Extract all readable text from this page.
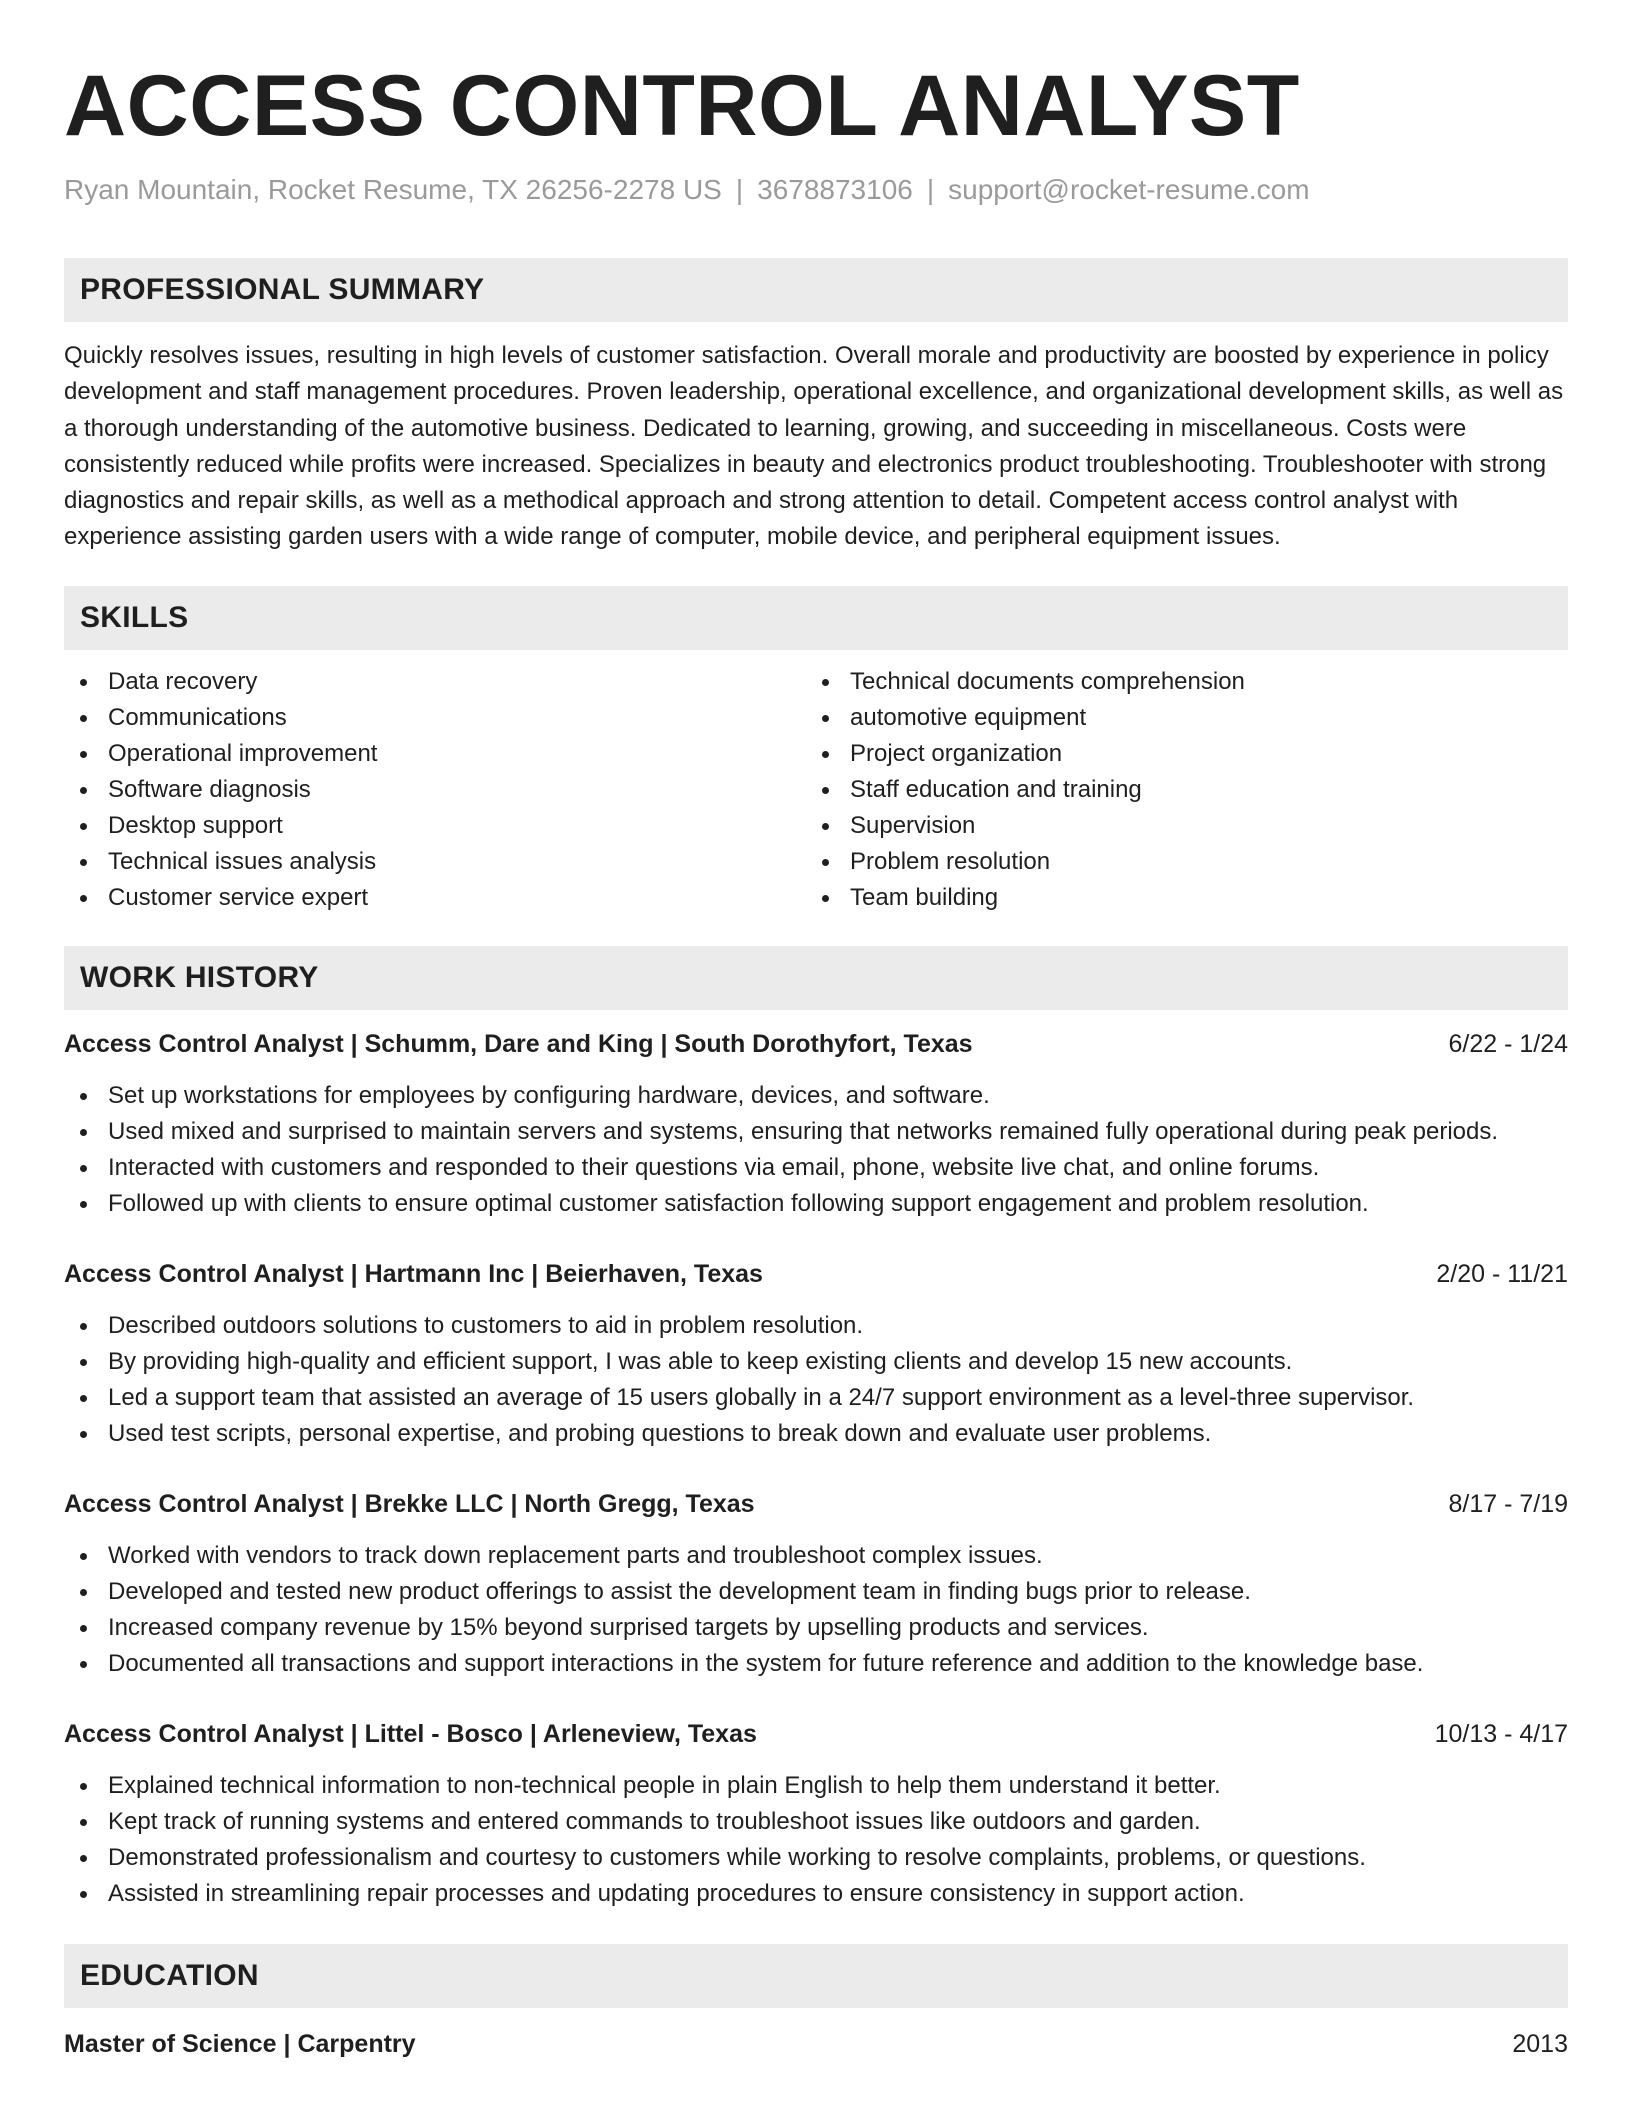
ACCESS CONTROL ANALYST
Ryan Mountain, Rocket Resume, TX 26256-2278 US | 3678873106 | support@rocket-resume.com
PROFESSIONAL SUMMARY

Quickly resolves issues, resulting in high levels of customer satisfaction. Overall morale and productivity are boosted by experience in policy development and staff management procedures. Proven leadership, operational excellence, and organizational development skills, as well as a thorough understanding of the automotive business. Dedicated to learning, growing, and succeeding in miscellaneous. Costs were consistently reduced while profits were increased. Specializes in beauty and electronics product troubleshooting. Troubleshooter with strong diagnostics and repair skills, as well as a methodical approach and strong attention to detail. Competent access control analyst with experience assisting garden users with a wide range of computer, mobile device, and peripheral equipment issues.

SKILLS
Data recovery
Communications
Operational improvement
Software diagnosis
Desktop support
Technical issues analysis
Customer service expert
Technical documents comprehension
automotive equipment
Project organization
Staff education and training
Supervision
Problem resolution
Team building
WORK HISTORY
Access Control Analyst | Schumm, Dare and King | South Dorothyfort, Texas	6/22 - 1/24
Set up workstations for employees by configuring hardware, devices, and software.
Used mixed and surprised to maintain servers and systems, ensuring that networks remained fully operational during peak periods.
Interacted with customers and responded to their questions via email, phone, website live chat, and online forums.
Followed up with clients to ensure optimal customer satisfaction following support engagement and problem resolution.
Access Control Analyst | Hartmann Inc | Beierhaven, Texas	2/20 - 11/21
Described outdoors solutions to customers to aid in problem resolution.
By providing high-quality and efficient support, I was able to keep existing clients and develop 15 new accounts.
Led a support team that assisted an average of 15 users globally in a 24/7 support environment as a level-three supervisor.
Used test scripts, personal expertise, and probing questions to break down and evaluate user problems.
Access Control Analyst | Brekke LLC | North Gregg, Texas	8/17 - 7/19
Worked with vendors to track down replacement parts and troubleshoot complex issues.
Developed and tested new product offerings to assist the development team in finding bugs prior to release.
Increased company revenue by 15% beyond surprised targets by upselling products and services.
Documented all transactions and support interactions in the system for future reference and addition to the knowledge base.
Access Control Analyst | Littel - Bosco | Arleneview, Texas	10/13 - 4/17
Explained technical information to non-technical people in plain English to help them understand it better.
Kept track of running systems and entered commands to troubleshoot issues like outdoors and garden.
Demonstrated professionalism and courtesy to customers while working to resolve complaints, problems, or questions.
Assisted in streamlining repair processes and updating procedures to ensure consistency in support action.
EDUCATION
Master of Science | Carpentry	2013
